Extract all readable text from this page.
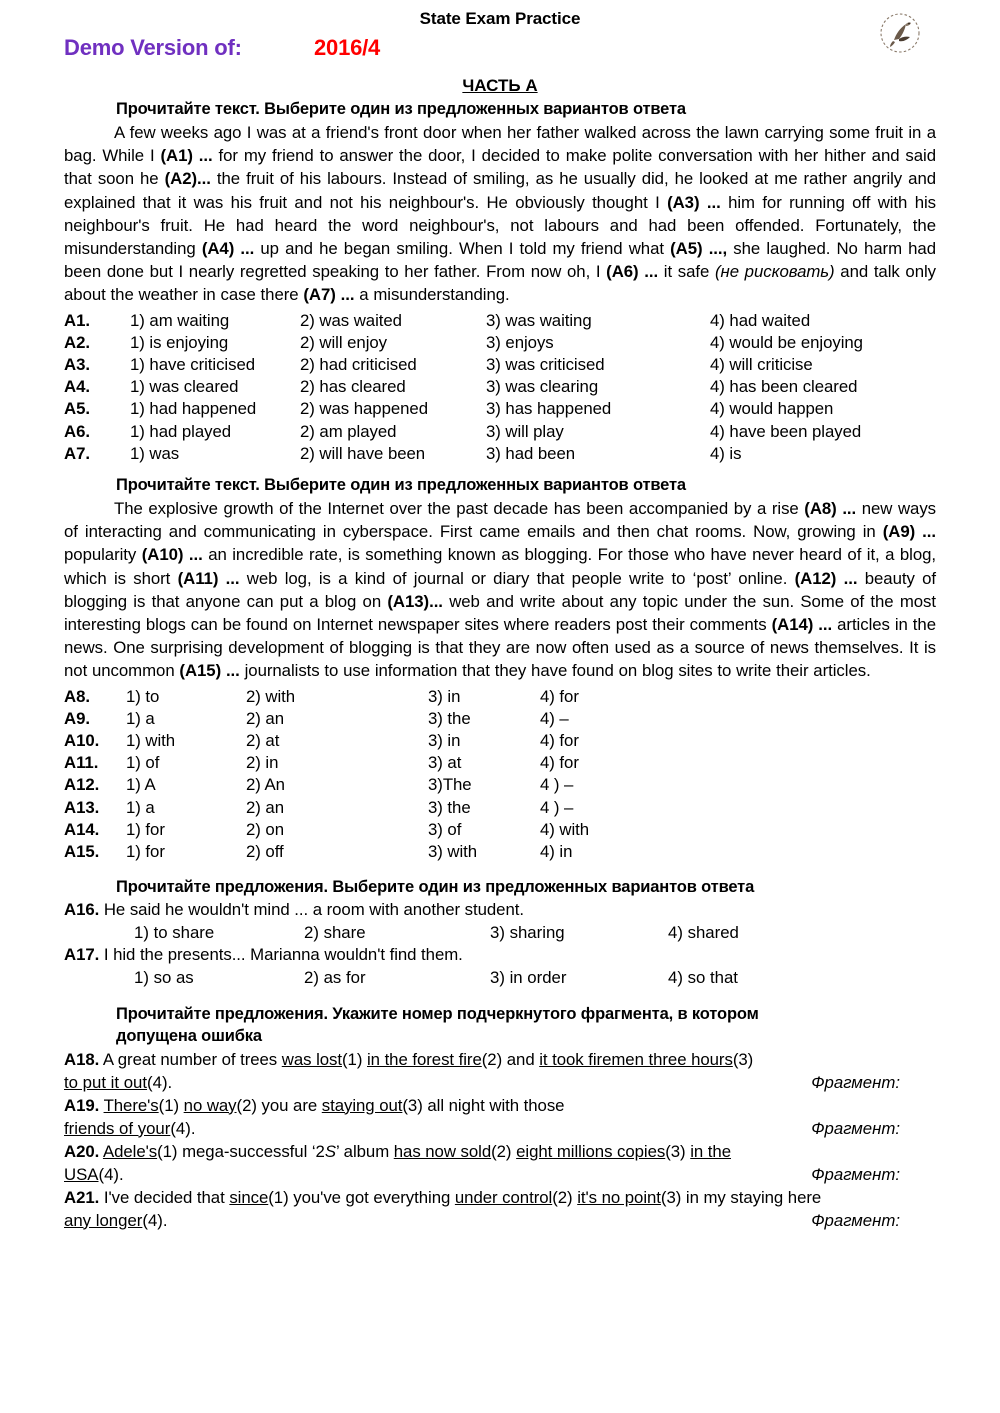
State Exam Practice
Demo Version of:	2016/4
ЧАСТЬ А
Прочитайте текст. Выберите один из предложенных вариантов ответа

A few weeks ago I was at a friend's front door when her father walked across the lawn carrying some fruit in a bag. While I (A1) ... for my friend to answer the door, I decided to make polite conversation with her hither and said that soon he (A2)... the fruit of his labours. Instead of smiling, as he usually did, he looked at me rather angrily and explained that it was his fruit and not his neighbour's. He obviously thought I (A3) ... him for running off with his neighbour's fruit. He had heard the word neighbour's, not labours and had been offended. Fortunately, the misunderstanding (A4) ... up and he began smiling. When I told my friend what (A5) ..., she laughed. No harm had been done but I nearly regretted speaking to her father. From now oh, I (A6) ... it safe (не рисковать) and talk only about the weather in case there (A7) ... a misunderstanding.

A1.	1) am waiting	2) was waited	3) was waiting	4) had waited
A2.	1) is enjoying	2) will enjoy	3) enjoys	4) would be enjoying
A3.	1) have criticised	2) had criticised	3) was criticised	4) will criticise
A4.	1) was cleared	2) has cleared	3) was clearing	4) has been cleared
A5.	1) had happened	2) was happened	3) has happened	4) would happen
A6.	1) had played	2) am played	3) will play	4) have been played
A7.	1) was	2) will have been	3) had been	4) is
Прочитайте текст. Выберите один из предложенных вариантов ответа

The explosive growth of the Internet over the past decade has been accompanied by a rise (A8) ... new ways of interacting and communicating in cyberspace. First came emails and then chat rooms. Now, growing in (A9) ... popularity (A10) ... an incredible rate, is something known as blogging. For those who have never heard of it, a blog, which is short (A11) ... web log, is a kind of journal or diary that people write to ‘post’ online. (A12) ... beauty of blogging is that anyone can put a blog on (A13)... web and write about any topic under the sun. Some of the most interesting blogs can be found on Internet newspaper sites where readers post their comments (A14) ... articles in the news. One surprising development of blogging is that they are now often used as a source of news themselves. It is not uncommon (A15) ... journalists to use information that they have found on blog sites to write their articles.

A8.	1) to	2) with	3) in	4) for
A9.	1) a	2) an	3) the	4) –
A10.	1) with	2) at	3) in	4) for
A11.	1) of	2) in	3) at	4) for
A12.	1) A	2) An	3)The	4 ) –
A13.	1) a	2) an	3) the	4 ) –
A14.	1) for	2) on	3) of	4) with
A15.	1) for	2) off	3) with	4) in
Прочитайте предложения. Выберите один из предложенных вариантов ответа
A16. He said he wouldn't mind ... a room with another student.
	1) to share	2) share	3) sharing	4) shared
A17. I hid the presents... Marianna wouldn't find them.
	1) so as	2) as for	3) in order	4) so that
Прочитайте предложения. Укажите номер подчеркнутого фрагмента, в котором
допущена ошибка
A18. A great number of trees was lost(1) in the forest fire(2) and it took firemen three hours(3)
to put it out(4).	Фрагмент:
A19. There's(1) no way(2) you are staying out(3) all night with those
friends of your(4).	Фрагмент:
A20. Adele's(1) mega-successful ‘2S’ album has now sold(2) eight millions copies(3) in the
USA(4).	Фрагмент:
A21. I've decided that since(1) you've got everything under control(2) it's no point(3) in my staying here
any longer(4).	Фрагмент:
